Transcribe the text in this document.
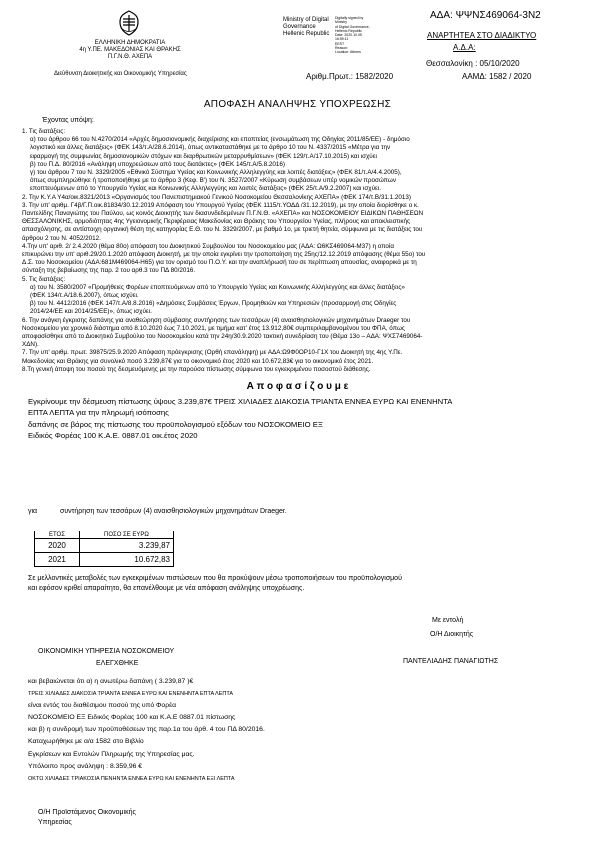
ΕΛΛΗΝΙΚΗ ΔΗΜΟΚΡΑΤΙΑ
4η Υ.ΠΕ. ΜΑΚΕΔΟΝΙΑΣ ΚΑΙ ΘΡΑΚΗΣ
Π.Γ.Ν.Θ. ΑΧΕΠΑ
Διεύθυνση Διοικητικής και Οικονομικής Υπηρεσίας
Ministry of Digital
Governance
Hellenic Republic
Digitally signed by Ministry
of Digital Governance,
Hellenic Republic
Date: 2020.10.05 16:59:11
EEST
Reason:
Location: Athens
ΑΔΑ: ΨΨΝΣ469064-3Ν2
ΑΝΑΡΤΗΤΕΑ ΣΤΟ ΔΙΑΔΙΚΤΥΟ
Α.Δ.Α:
Θεσσαλονίκη : 05/10/2020
Αριθμ.Πρωτ.: 1582/2020	ΑΑΜΔ: 1582 / 2020
ΑΠΟΦΑΣΗ ΑΝΑΛΗΨΗΣ ΥΠΟΧΡΕΩΣΗΣ
Έχοντας υπόψη:
1. Τις διατάξεις:
α) του άρθρου 66 του Ν.4270/2014 «Αρχές δημοσιονομικής διαχείρισης και εποπτείας (ενσωμάτωση της Οδηγίας 2011/85/ΕΕ) - δημόσιο
λογιστικό και άλλες διατάξεις» (ΦΕΚ 143/τ.Α/28.6.2014), όπως αντικαταστάθηκε με το άρθρο 10 του Ν. 4337/2015 «Μέτρα για την
εφαρμογή της συμφωνίας δημοσιονομικών στόχων και διαρθρωτικών μεταρρυθμίσεων» (ΦΕΚ 129/τ.Α/17.10.2015) και ισχύει
β) του Π.Δ. 80/2016 «Ανάληψη υποχρεώσεων από τους διατάκτες» (ΦΕΚ 145/τ.Α/5.8.2016)
γ) του άρθρου 7 του Ν. 3329/2005 «Εθνικό Σύστημα Υγείας και Κοινωνικής Αλληλεγγύης και λοιπές διατάξεις» (ΦΕΚ 81/τ.Α/4.4.2005),
όπως συμπληρώθηκε ή τροποποιήθηκε με το άρθρο 3 (Κεφ. Β') του Ν. 3527/2007 «Κύρωση συμβάσεων υπέρ νομικών προσώπων
εποπτευόμενων από το Υπουργείο Υγείας και Κοινωνικής Αλληλεγγύης και λοιπές διατάξεις» (ΦΕΚ 25/τ.Α/9.2.2007) και ισχύει.
2. Την Κ.Υ.Α Υ4α/οικ.8321/2013 «Οργανισμός του Πανεπιστημιακού Γενικού Νοσοκομείου Θεσσαλονίκης ΑΧΕΠΑ» (ΦΕΚ 174/τ.Β/31.1.2013)
3. Την υπ' αριθμ. Γ4β/Γ.Π.οικ.81834/30.12.2019 Απόφαση του Υπουργού Υγείας (ΦΕΚ 1115/τ.ΥΟΔΔ /31.12.2019), με την οποία διορίσθηκε ο κ.
Παντελίδης Παναγιώτης του Παύλου, ως κοινός Διοικητής των διασυνδεδεμένων Π.Γ.Ν.Θ. «ΑΧΕΠΑ» και ΝΟΣΟΚΟΜΕΙΟΥ ΕΙΔΙΚΩΝ ΠΑΘΗΣΕΩΝ
ΘΕΣΣΑΛΟΝΙΚΗΣ, αρμοδιότητας 4ης Υγειονομικής Περιφέρειας Μακεδονίας και Θράκης του Υπουργείου Υγείας, πλήρους και αποκλειστικής
απασχόλησης, σε αντίστοιχη οργανική θέση της κατηγορίας Ε.Θ. του Ν. 3329/2007, με βαθμό 1ο, με τριετή θητεία, σύμφωνα με τις διατάξεις του
άρθρου 2 του Ν. 4052/2012.
4.Την υπ' αριθ. 2/ 2.4.2020 (θέμα 80ο) απόφαση του Διοικητικού Συμβουλίου του Νοσοκομείου μας (ΑΔΑ: Ω6ΚΣ469064-Μ37) η οποία
επικυρώνει την υπ' αριθ.29/20.1.2020 απόφαση Διοικητή, με την οποία εγκρίνει την τροποποίηση της 25ης/12.12.2019 απόφασης (θέμα 55ο) του
Δ.Σ. του Νοσοκομείου (ΑΔΑ:681Μ469064-Η65) για τον ορισμό του Π.Ο.Υ. και την αναπλήρωσή του σε περίπτωση απουσίας, αναφορικά με τη
σύνταξη της βεβαίωσης της παρ. 2 του αρθ.3 του ΠΔ 80/2016.
5. Τις διατάξεις:
α) του Ν. 3580/2007 «Προμήθειες Φορέων εποπτευόμενων από το Υπουργείο Υγείας και Κοινωνικής Αλληλεγγύης και άλλες διατάξεις»
(ΦΕΚ 134/τ.Α/18.6.2007), όπως ισχύει.
β) του Ν. 4412/2016 (ΦΕΚ 147/τ.Α/8.8.2016) «Δημόσιες Συμβάσεις Έργων, Προμηθειών και Υπηρεσιών (προσαρμογή στις Οδηγίες
2014/24/ΕΕ και 2014/25/ΕΕ)», όπως ισχύει.
6. Την ανάγκη έγκρισης δαπάνης για αναθεώρηση σύμβασης συντήρησης των τεσσάρων (4) αναισθησιολογικών μηχανημάτων Draeger του
Νοσοκομείου για χρονικό διάστημα από 8.10.2020 έως 7.10.2021, με τιμήμα κατ' έτος 13.912,80€ συμπεριλαμβανομένου του ΦΠΑ, όπως
αποφασίσθηκε από το Διοικητικό Συμβούλιο του Νοσοκομείου κατά την 24η/30.9.2020 τακτική συνεδρίαση του (Θέμα 13ο – ΑΔΑ: ΨΧΣ7469064-
ΧΔΝ).
7. Την υπ' αριθμ. πρωτ. 39875/25.9.2020 Απόφαση πρόεγκρισης (Ορθή επανάληψη) με ΑΔΑ:Ω9Φ0ΟΡ10-Γ1Χ του Διοικητή της 4ης Υ.Πε.
Μακεδονίας και Θράκης για συνολικό ποσό 3.239,87€ για το οικονομικό έτος 2020 και 10.672,83€ για το οικονομικό έτος 2021.
8.Τη γενική άποψη του ποσού της δεσμευόμενης με την παρούσα πίστωσης σύμφωνα του εγκεκριμένου ποσοστού διάθεσης.
Α π ο φ α σ ί ζ ο υ μ ε
Εγκρίνουμε την δέσμευση πίστωσης ύψους 3.239,87€ ΤΡΕΙΣ ΧΙΛΙΑΔΕΣ ΔΙΑΚΟΣΙΑ ΤΡΙΑΝΤΑ ΕΝΝΕΑ ΕΥΡΩ ΚΑΙ ΕΝΕΝΗΝΤΑ
ΕΠΤΑ ΛΕΠΤΑ για την πληρωμή ισόποσης
δαπάνης σε βάρος της πίστωσης του προϋπολογισμού εξόδων του ΝΟΣΟΚΟΜΕΙΟ ΕΞ
Ειδικός Φορέας 100 Κ.Α.Ε. 0887.01 οικ.έτος 2020
για	συντήρηση των τεσσάρων (4) αναισθησιολογικών μηχανημάτων Draeger.
ΕΤΟΣ	ΠΟΣΟ ΣΕ ΕΥΡΩ
2020	3.239,87
2021	10.672,83
Σε μελλοντικές μεταβολές των εγκεκριμένων πιστώσεων που θα προκύψουν μέσω τροποποιήσεων του προϋπολογισμού
και εφόσον κριθεί απαραίτητο, θα επανέλθουμε με νέα απόφαση ανάληψης υποχρέωσης.
Με εντολή
Ο/Η Διοικητής
ΠΑΝΤΕΛΙΑΔΗΣ ΠΑΝΑΓΙΩΤΗΣ
ΟΙΚΟΝΟΜΙΚΗ ΥΠΗΡΕΣΙΑ ΝΟΣΟΚΟΜΕΙΟΥ
ΕΛΕΓΧΘΗΚΕ
και βεβαιώνεται ότι α) η ανωτέρω δαπάνη ( 3.239,87 )€
ΤΡΕΙΣ ΧΙΛΙΑΔΕΣ ΔΙΑΚΟΣΙΑ ΤΡΙΑΝΤΑ ΕΝΝΕΑ ΕΥΡΩ ΚΑΙ ΕΝΕΝΗΝΤΑ ΕΠΤΑ ΛΕΠΤΑ
είναι εντός του διαθέσιμου ποσού της υπό Φορέα
ΝΟΣΟΚΟΜΕΙΟ ΕΞ Ειδικός Φορέας 100 και Κ.Α.Ε 0887.01 πίστωσης
και β) η συνδρομή των προϋποθέσεων της παρ.1α του άρθ. 4 του ΠΔ 80/2016.
Καταχωρήθηκε με α/α 1582 στο Βιβλίο
Εγκρίσεων και Εντολών Πληρωμής της Υπηρεσίας μας.
Υπόλοιπο προς ανάληψη : 8.359,96 €
ΟΚΤΩ ΧΙΛΙΑΔΕΣ ΤΡΙΑΚΟΣΙΑ ΠΕΝΗΝΤΑ ΕΝΝΕΑ ΕΥΡΩ ΚΑΙ ΕΝΕΝΗΝΤΑ ΕΞΙ ΛΕΠΤΑ
Ο/Η Προϊστάμενος Οικονομικής
Υπηρεσίας
